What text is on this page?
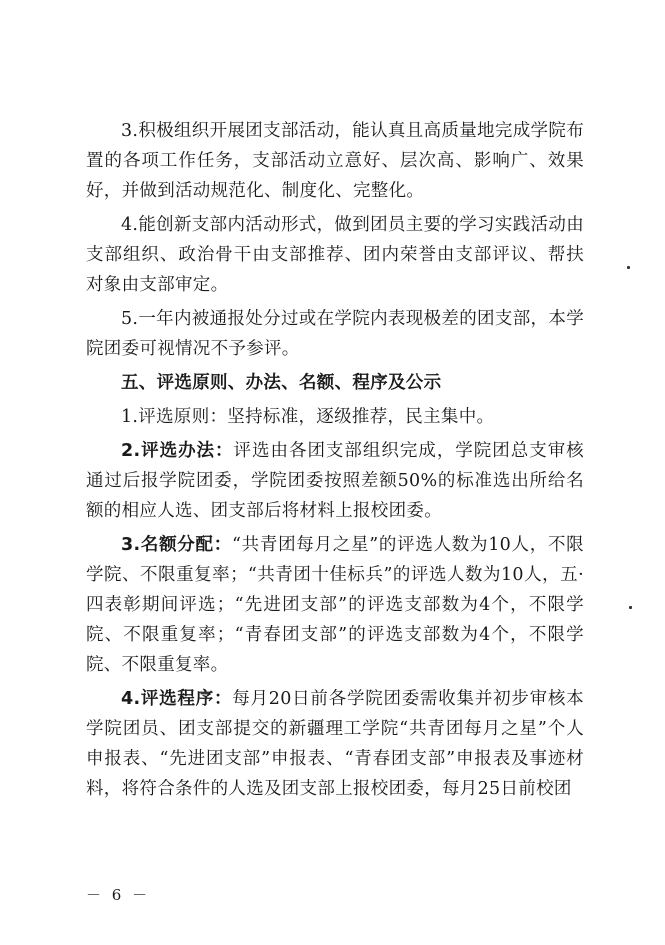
3.积极组织开展团支部活动，能认真且高质量地完成学院布置的各项工作任务，支部活动立意好、层次高、影响广、效果好，并做到活动规范化、制度化、完整化。

4.能创新支部内活动形式，做到团员主要的学习实践活动由支部组织、政治骨干由支部推荐、团内荣誉由支部评议、帮扶对象由支部审定。

5.一年内被通报处分过或在学院内表现极差的团支部，本学院团委可视情况不予参评。

五、评选原则、办法、名额、程序及公示

1.评选原则：坚持标准，逐级推荐，民主集中。

2.评选办法：评选由各团支部组织完成，学院团总支审核通过后报学院团委，学院团委按照差额50%的标准选出所给名额的相应人选、团支部后将材料上报校团委。

3.名额分配：“共青团每月之星”的评选人数为10人，不限学院、不限重复率；“共青团十佳标兵”的评选人数为10人，五·四表彰期间评选；“先进团支部”的评选支部数为4个，不限学院、不限重复率；“青春团支部”的评选支部数为4个，不限学院、不限重复率。

4.评选程序：每月20日前各学院团委需收集并初步审核本学院团员、团支部提交的新疆理工学院“共青团每月之星”个人申报表、“先进团支部”申报表、“青春团支部”申报表及事迹材料，将符合条件的人选及团支部上报校团委，每月25日前校团

－ 6 －
